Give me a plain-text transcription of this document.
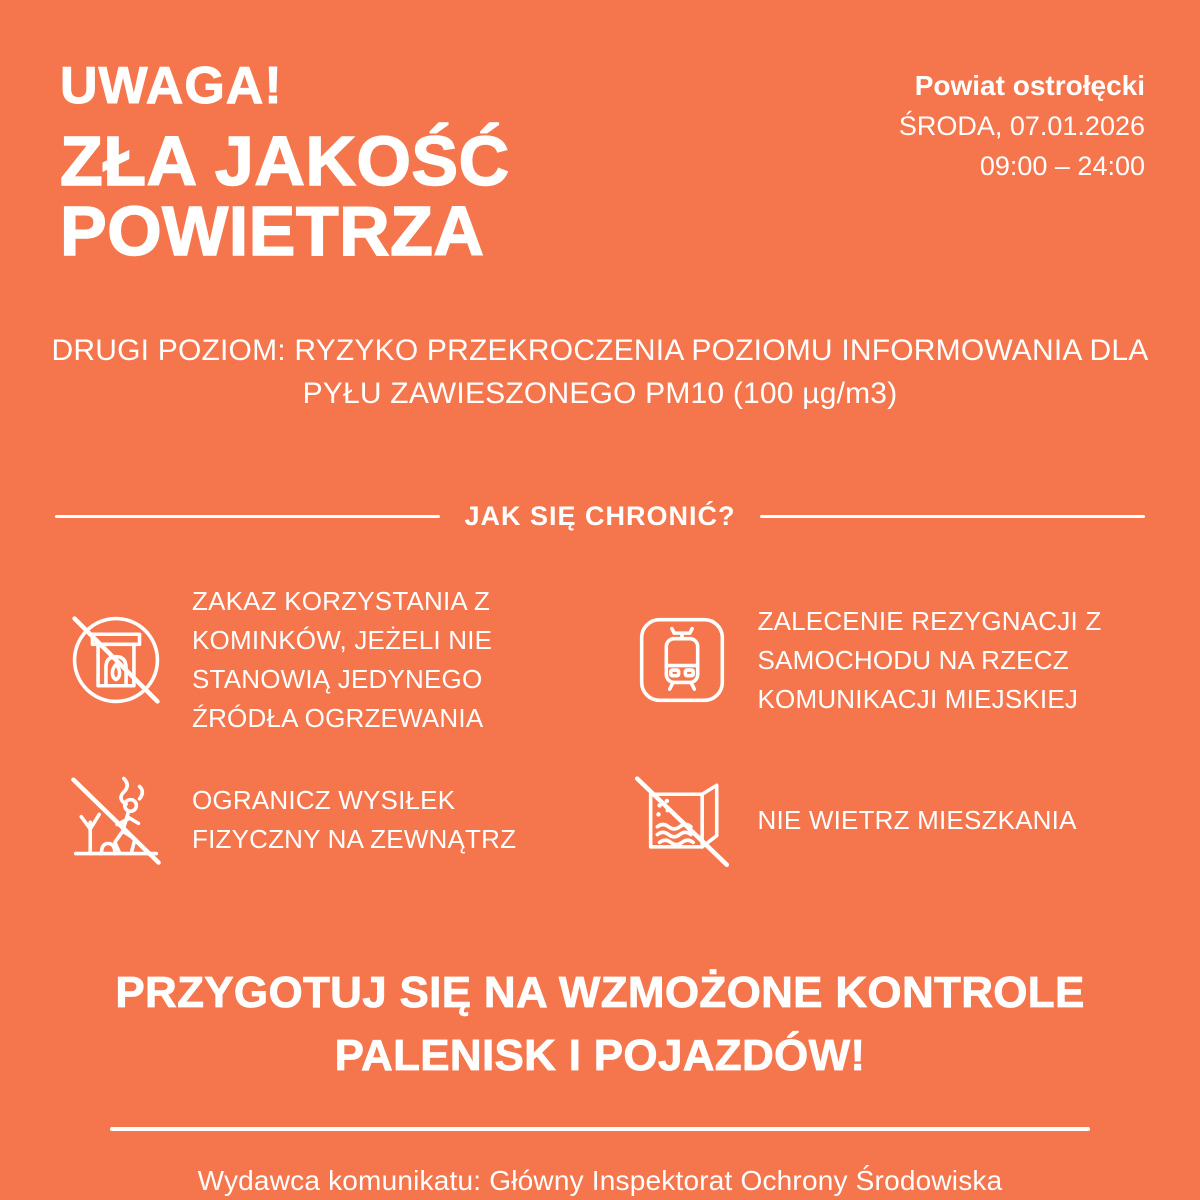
UWAGA!
ZŁA JAKOŚĆ
POWIETRZA
Powiat ostrołęcki
ŚRODA, 07.01.2026
09:00 – 24:00
DRUGI POZIOM: RYZYKO PRZEKROCZENIA POZIOMU INFORMOWANIA DLA PYŁU ZAWIESZONEGO PM10 (100 µg/m3)
JAK SIĘ CHRONIĆ?
ZAKAZ KORZYSTANIA Z KOMINKÓW, JEŻELI NIE STANOWIĄ JEDYNEGO ŹRÓDŁA OGRZEWANIA
ZALECENIE REZYGNACJI Z SAMOCHODU NA RZECZ KOMUNIKACJI MIEJSKIEJ
OGRANICZ WYSIŁEK FIZYCZNY NA ZEWNĄTRZ
NIE WIETRZ MIESZKANIA
PRZYGOTUJ SIĘ NA WZMOŻONE KONTROLE
PALENISK I POJAZDÓW!
Wydawca komunikatu: Główny Inspektorat Ochrony Środowiska
